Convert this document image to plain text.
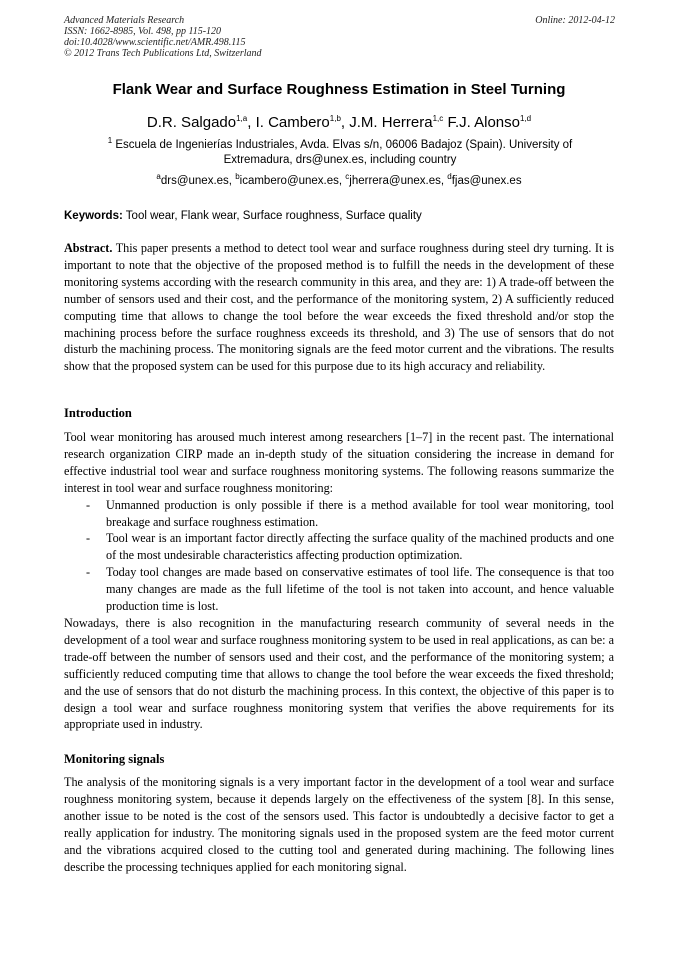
Advanced Materials Research
ISSN: 1662-8985, Vol. 498, pp 115-120
doi:10.4028/www.scientific.net/AMR.498.115
© 2012 Trans Tech Publications Ltd, Switzerland
Online: 2012-04-12
Flank Wear and Surface Roughness Estimation in Steel Turning
D.R. Salgado$^{1,a}$, I. Cambero$^{1,b}$, J.M. Herrera$^{1,c}$ F.J. Alonso$^{1,d}$
$^1$ Escuela de Ingenierías Industriales, Avda. Elvas s/n, 06006 Badajoz (Spain). University of Extremadura, drs@unex.es, including country
$^a$drs@unex.es, $^b$icambero@unex.es, $^c$jherrera@unex.es, $^d$fjas@unex.es
Keywords: Tool wear, Flank wear, Surface roughness, Surface quality
Abstract. This paper presents a method to detect tool wear and surface roughness during steel dry turning. It is important to note that the objective of the proposed method is to fulfill the needs in the development of these monitoring systems according with the research community in this area, and they are: 1) A trade-off between the number of sensors used and their cost, and the performance of the monitoring system, 2) A sufficiently reduced computing time that allows to change the tool before the wear exceeds the fixed threshold and/or stop the machining process before the surface roughness exceeds its threshold, and 3) The use of sensors that do not disturb the machining process. The monitoring signals are the feed motor current and the vibrations. The results show that the proposed system can be used for this purpose due to its high accuracy and reliability.
Introduction

Tool wear monitoring has aroused much interest among researchers [1–7] in the recent past. The international research organization CIRP made an in-depth study of the situation considering the increase in demand for effective industrial tool wear and surface roughness monitoring systems. The following reasons summarize the interest in tool wear and surface roughness monitoring:

- Unmanned production is only possible if there is a method available for tool wear monitoring, tool breakage and surface roughness estimation.
- Tool wear is an important factor directly affecting the surface quality of the machined products and one of the most undesirable characteristics affecting production optimization.
- Today tool changes are made based on conservative estimates of tool life. The consequence is that too many changes are made as the full lifetime of the tool is not taken into account, and hence valuable production time is lost.

Nowadays, there is also recognition in the manufacturing research community of several needs in the development of a tool wear and surface roughness monitoring system to be used in real applications, as can be: a trade-off between the number of sensors used and their cost, and the performance of the monitoring system; a sufficiently reduced computing time that allows to change the tool before the wear exceeds the fixed threshold; and the use of sensors that do not disturb the machining process. In this context, the objective of this paper is to design a tool wear and surface roughness monitoring system that verifies the above requirements for its appropriate used in industry.

Monitoring signals

The analysis of the monitoring signals is a very important factor in the development of a tool wear and surface roughness monitoring system, because it depends largely on the effectiveness of the system [8]. In this sense, another issue to be noted is the cost of the sensors used. This factor is undoubtedly a decisive factor to get a really application for industry. The monitoring signals used in the proposed system are the feed motor current and the vibrations acquired closed to the cutting tool and generated during machining. The following lines describe the processing techniques applied for each monitoring signal.
